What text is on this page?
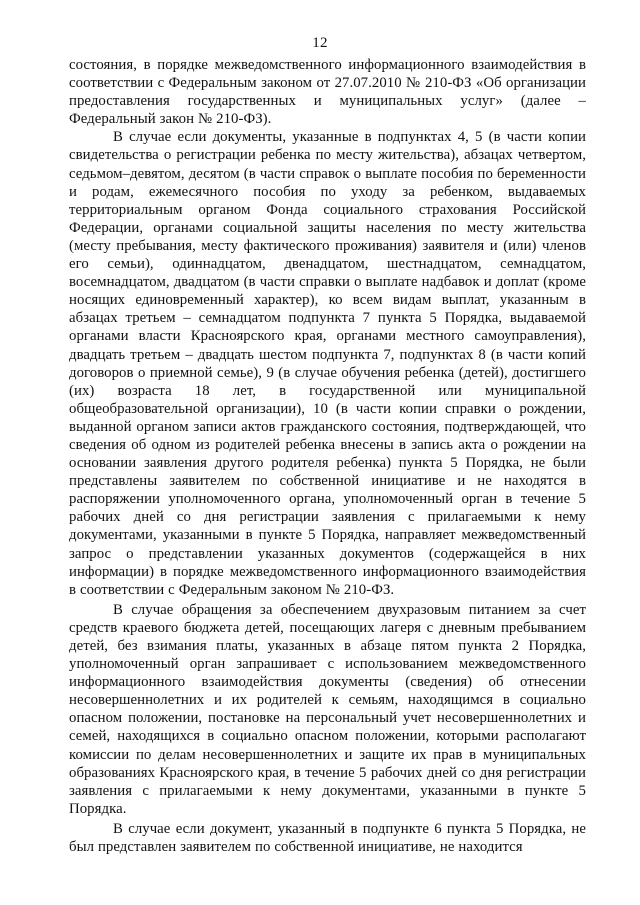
12

состояния, в порядке межведомственного информационного взаимодействия в соответствии с Федеральным законом от 27.07.2010 № 210-ФЗ «Об организации предоставления государственных и муниципальных услуг» (далее – Федеральный закон № 210-ФЗ).

В случае если документы, указанные в подпунктах 4, 5 (в части копии свидетельства о регистрации ребенка по месту жительства), абзацах четвертом, седьмом–девятом, десятом (в части справок о выплате пособия по беременности и родам, ежемесячного пособия по уходу за ребенком, выдаваемых территориальным органом Фонда социального страхования Российской Федерации, органами социальной защиты населения по месту жительства (месту пребывания, месту фактического проживания) заявителя и (или) членов его семьи), одиннадцатом, двенадцатом, шестнадцатом, семнадцатом, восемнадцатом, двадцатом (в части справки о выплате надбавок и доплат (кроме носящих единовременный характер), ко всем видам выплат, указанным в абзацах третьем – семнадцатом подпункта 7 пункта 5 Порядка, выдаваемой органами власти Красноярского края, органами местного самоуправления), двадцать третьем – двадцать шестом подпункта 7, подпунктах 8 (в части копий договоров о приемной семье), 9 (в случае обучения ребенка (детей), достигшего (их) возраста 18 лет, в государственной или муниципальной общеобразовательной организации), 10 (в части копии справки о рождении, выданной органом записи актов гражданского состояния, подтверждающей, что сведения об одном из родителей ребенка внесены в запись акта о рождении на основании заявления другого родителя ребенка) пункта 5 Порядка, не были представлены заявителем по собственной инициативе и не находятся в распоряжении уполномоченного органа, уполномоченный орган в течение 5 рабочих дней со дня регистрации заявления с прилагаемыми к нему документами, указанными в пункте 5 Порядка, направляет межведомственный запрос о представлении указанных документов (содержащейся в них информации) в порядке межведомственного информационного взаимодействия в соответствии с Федеральным законом № 210-ФЗ.

В случае обращения за обеспечением двухразовым питанием за счет средств краевого бюджета детей, посещающих лагеря с дневным пребыванием детей, без взимания платы, указанных в абзаце пятом пункта 2 Порядка, уполномоченный орган запрашивает с использованием межведомственного информационного взаимодействия документы (сведения) об отнесении несовершеннолетних и их родителей к семьям, находящимся в социально опасном положении, постановке на персональный учет несовершеннолетних и семей, находящихся в социально опасном положении, которыми располагают комиссии по делам несовершеннолетних и защите их прав в муниципальных образованиях Красноярского края, в течение 5 рабочих дней со дня регистрации заявления с прилагаемыми к нему документами, указанными в пункте 5 Порядка.

В случае если документ, указанный в подпункте 6 пункта 5 Порядка, не был представлен заявителем по собственной инициативе, не находится
